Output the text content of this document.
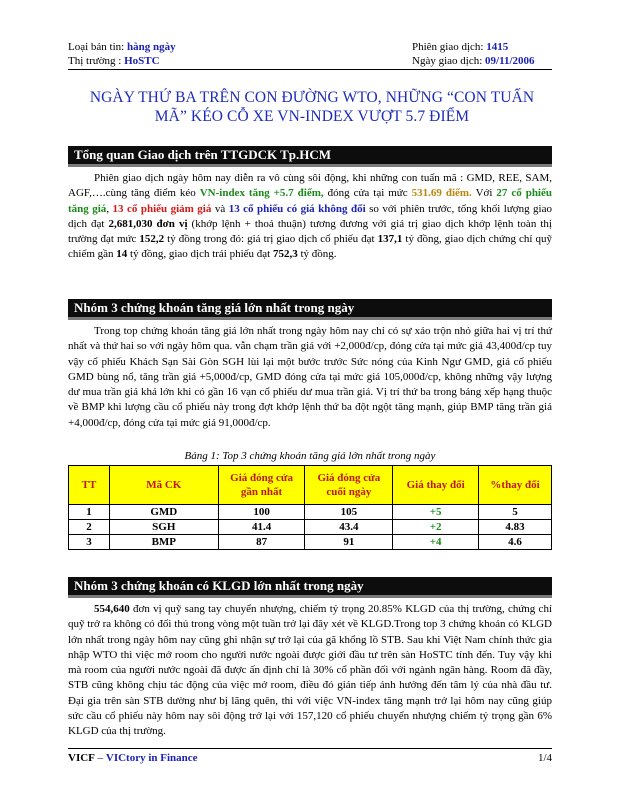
Loại bản tin: hàng ngày
Thị trường : HoSTC
Phiên giao dịch: 1415
Ngày giao dịch: 09/11/2006
NGÀY THỨ BA TRÊN CON ĐƯỜNG WTO, NHỮNG “CON TUẤN MÃ” KÉO CỖ XE VN-INDEX VƯỢT 5.7 ĐIỂM
Tổng quan Giao dịch trên TTGDCK Tp.HCM
Phiên giao dịch ngày hôm nay diễn ra vô cùng sôi động, khi những con tuấn mã : GMD, REE, SAM, AGF,….cùng tăng điểm kéo VN-index tăng +5.7 điểm, đóng cửa tại mức 531.69 điểm. Với 27 cổ phiếu tăng giá, 13 cổ phiếu giảm giá và 13 cổ phiếu có giá không đổi so với phiên trước, tổng khối lượng giao dịch đạt 2,681,030 đơn vị (khớp lệnh + thoả thuận) tương đương với giá trị giao dịch khớp lệnh toàn thị trường đạt mức 152,2 tỷ đồng trong đó: giá trị giao dịch cổ phiếu đạt 137,1 tỷ đồng, giao dịch chứng chỉ quỹ chiếm gần 14 tỷ đồng, giao dịch trái phiếu đạt 752,3 tỷ đồng.
Nhóm 3 chứng khoán tăng giá lớn nhất trong ngày
Trong top chứng khoán tăng giá lớn nhất trong ngày hôm nay chỉ có sự xáo trộn nhỏ giữa hai vị trí thứ nhất và thứ hai so với ngày hôm qua. vẫn chạm trần giá với +2,000đ/cp, đóng cửa tại mức giá 43,400đ/cp tuy vậy cổ phiếu Khách Sạn Sài Gòn SGH lùi lại một bước trước Sức nóng của Kinh Ngư GMD, giá cổ phiếu GMD bùng nổ, tăng trần giá +5,000đ/cp, GMD đóng cửa tại mức giá 105,000đ/cp, không những vậy lượng dư mua trần giá khá lớn khi có gần 16 vạn cổ phiếu dư mua trần giá. Vị trí thứ ba trong bảng xếp hạng thuộc về BMP khi lượng cầu cổ phiếu này trong đợt khớp lệnh thứ ba đột ngột tăng mạnh, giúp BMP tăng trần giá +4,000đ/cp, đóng cửa tại mức giá 91,000đ/cp.
Bảng 1: Top 3 chứng khoán tăng giá lớn nhất trong ngày
TT	Mã CK	Giá đóng cửa gần nhất	Giá đóng cửa cuối ngày	Giá thay đổi	%thay đổi
1	GMD	100	105	+5	5
2	SGH	41.4	43.4	+2	4.83
3	BMP	87	91	+4	4.6
Nhóm 3 chứng khoán có KLGD lớn nhất trong ngày
554,640 đơn vị quỹ sang tay chuyển nhượng, chiếm tỷ trọng 20.85% KLGD của thị trường, chứng chỉ quỹ trở ra không có đối thủ trong vòng một tuần trở lại đây xét về KLGD.Trong top 3 chứng khoán có KLGD lớn nhất trong ngày hôm nay cũng ghi nhận sự trở lại của gã khổng lồ STB. Sau khi Việt Nam chính thức gia nhập WTO thì việc mở room cho người nước ngoài được giới đầu tư trên sàn HoSTC tính đến. Tuy vậy khi mà room của người nước ngoài đã được ấn định chỉ là 30% cổ phần đối với ngành ngân hàng. Room đã đầy, STB cũng không chịu tác động của việc mở room, điều đó gián tiếp ảnh hưởng đến tâm lý của nhà đầu tư. Đại gia trên sàn STB dường như bị lãng quên, thì với việc VN-index tăng mạnh trở lại hôm nay cũng giúp sức cầu cổ phiếu này hôm nay sôi động trở lại với 157,120 cổ phiếu chuyển nhượng chiếm tỷ trọng gần 6% KLGD của thị trường.
VICF – VICtory in Finance	1/4
